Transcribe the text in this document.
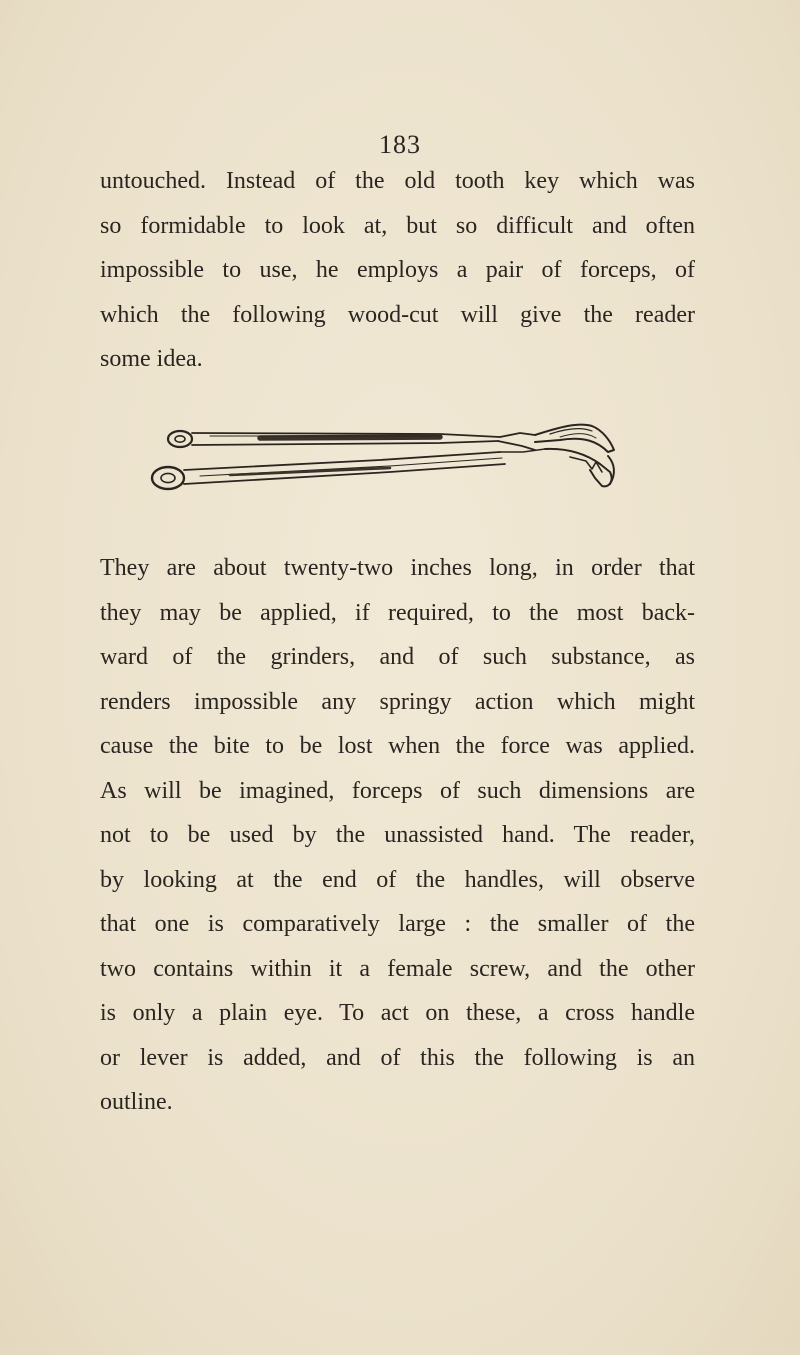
183

untouched. Instead of the old tooth key which was
so formidable to look at, but so difficult and often
impossible to use, he employs a pair of forceps, of
which the following wood-cut will give the reader
some idea.

They are about twenty-two inches long, in order that
they may be applied, if required, to the most back-
ward of the grinders, and of such substance, as
renders impossible any springy action which might
cause the bite to be lost when the force was applied.
As will be imagined, forceps of such dimensions are
not to be used by the unassisted hand. The reader,
by looking at the end of the handles, will observe
that one is comparatively large : the smaller of the
two contains within it a female screw, and the other
is only a plain eye. To act on these, a cross handle
or lever is added, and of this the following is an
outline.
